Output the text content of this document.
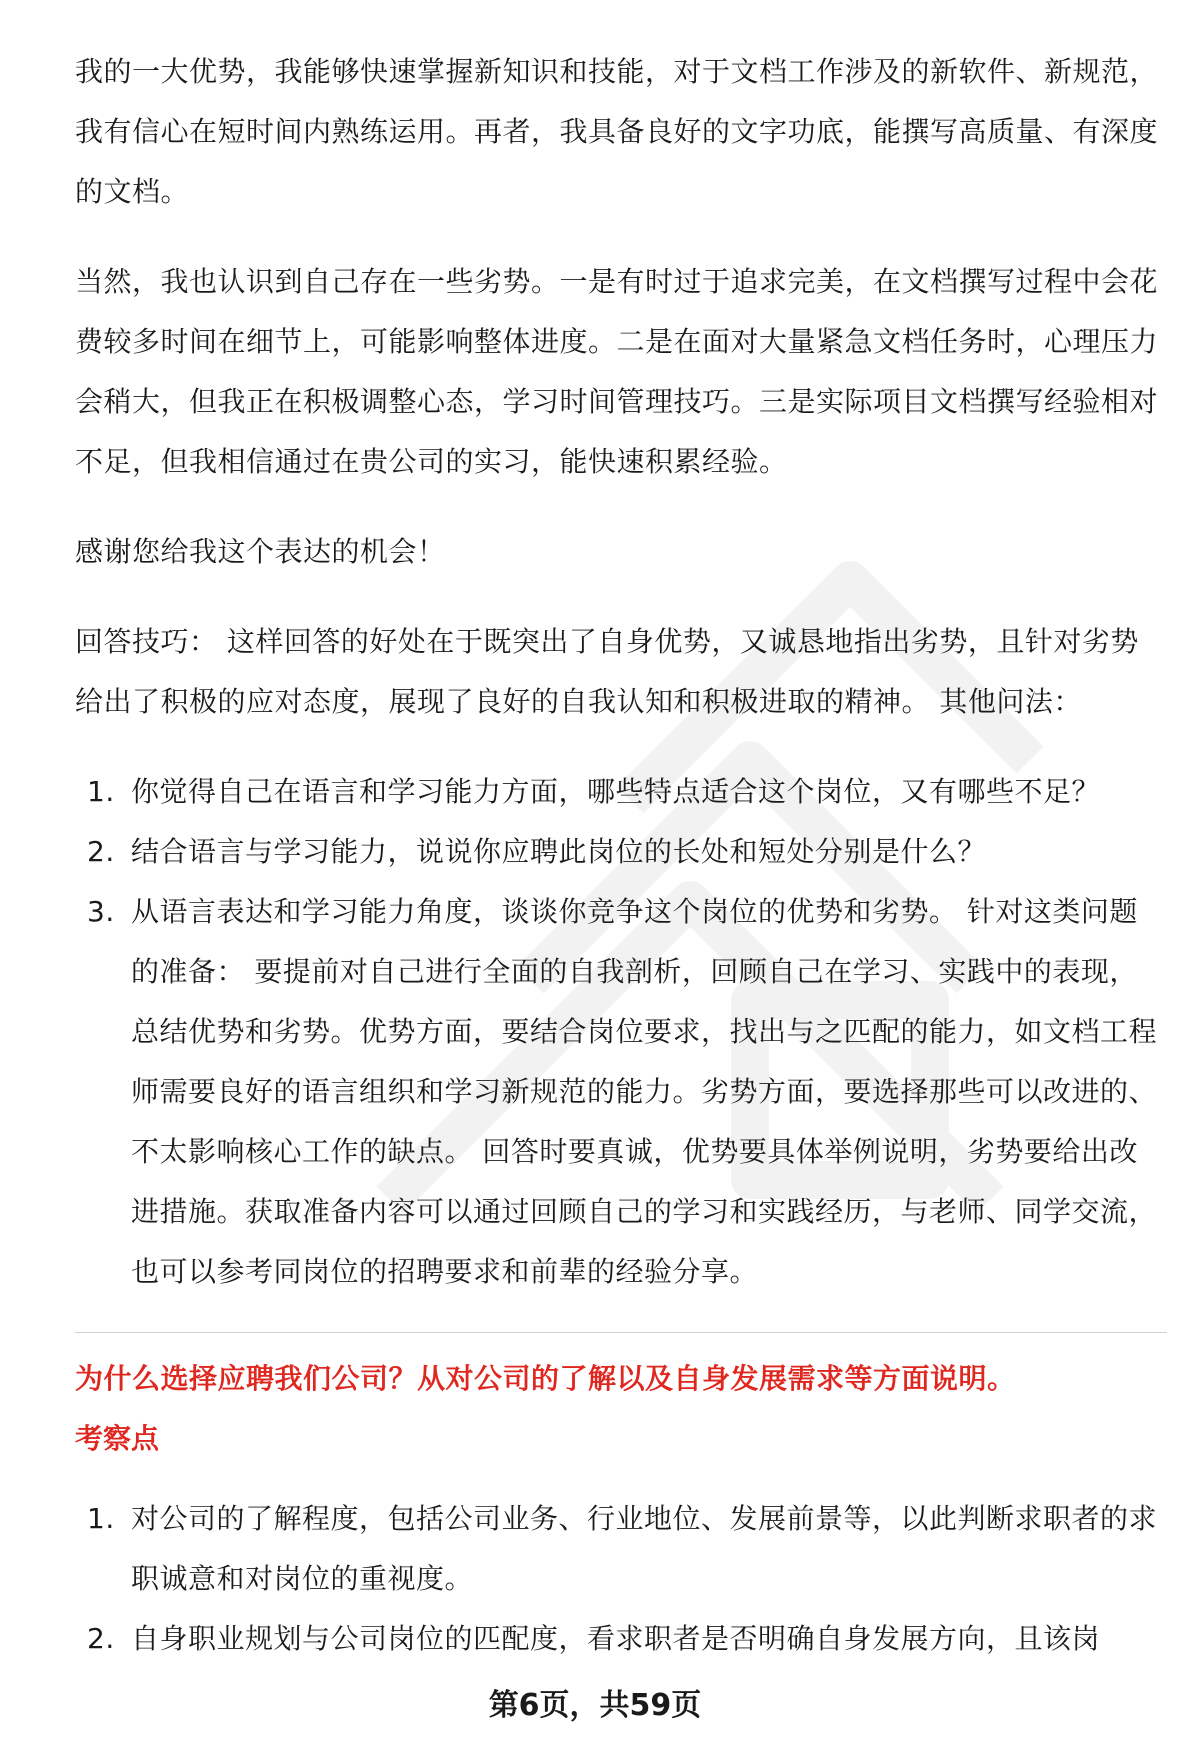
我的一大优势，我能够快速掌握新知识和技能，对于文档工作涉及的新软件、新规范，我有信心在短时间内熟练运用。再者，我具备良好的文字功底，能撰写高质量、有深度的文档。

当然，我也认识到自己存在一些劣势。一是有时过于追求完美，在文档撰写过程中会花费较多时间在细节上，可能影响整体进度。二是在面对大量紧急文档任务时，心理压力会稍大，但我正在积极调整心态，学习时间管理技巧。三是实际项目文档撰写经验相对不足，但我相信通过在贵公司的实习，能快速积累经验。

感谢您给我这个表达的机会！

回答技巧： 这样回答的好处在于既突出了自身优势，又诚恳地指出劣势，且针对劣势给出了积极的应对态度，展现了良好的自我认知和积极进取的精神。 其他问法：

1. 你觉得自己在语言和学习能力方面，哪些特点适合这个岗位，又有哪些不足？
2. 结合语言与学习能力，说说你应聘此岗位的长处和短处分别是什么？
3. 从语言表达和学习能力角度，谈谈你竞争这个岗位的优势和劣势。 针对这类问题的准备： 要提前对自己进行全面的自我剖析，回顾自己在学习、实践中的表现，总结优势和劣势。优势方面，要结合岗位要求，找出与之匹配的能力，如文档工程师需要良好的语言组织和学习新规范的能力。劣势方面，要选择那些可以改进的、不太影响核心工作的缺点。 回答时要真诚，优势要具体举例说明，劣势要给出改进措施。获取准备内容可以通过回顾自己的学习和实践经历，与老师、同学交流，也可以参考同岗位的招聘要求和前辈的经验分享。

为什么选择应聘我们公司？从对公司的了解以及自身发展需求等方面说明。

考察点

1. 对公司的了解程度，包括公司业务、行业地位、发展前景等，以此判断求职者的求职诚意和对岗位的重视度。
2. 自身职业规划与公司岗位的匹配度，看求职者是否明确自身发展方向，且该岗
第6页，共59页
